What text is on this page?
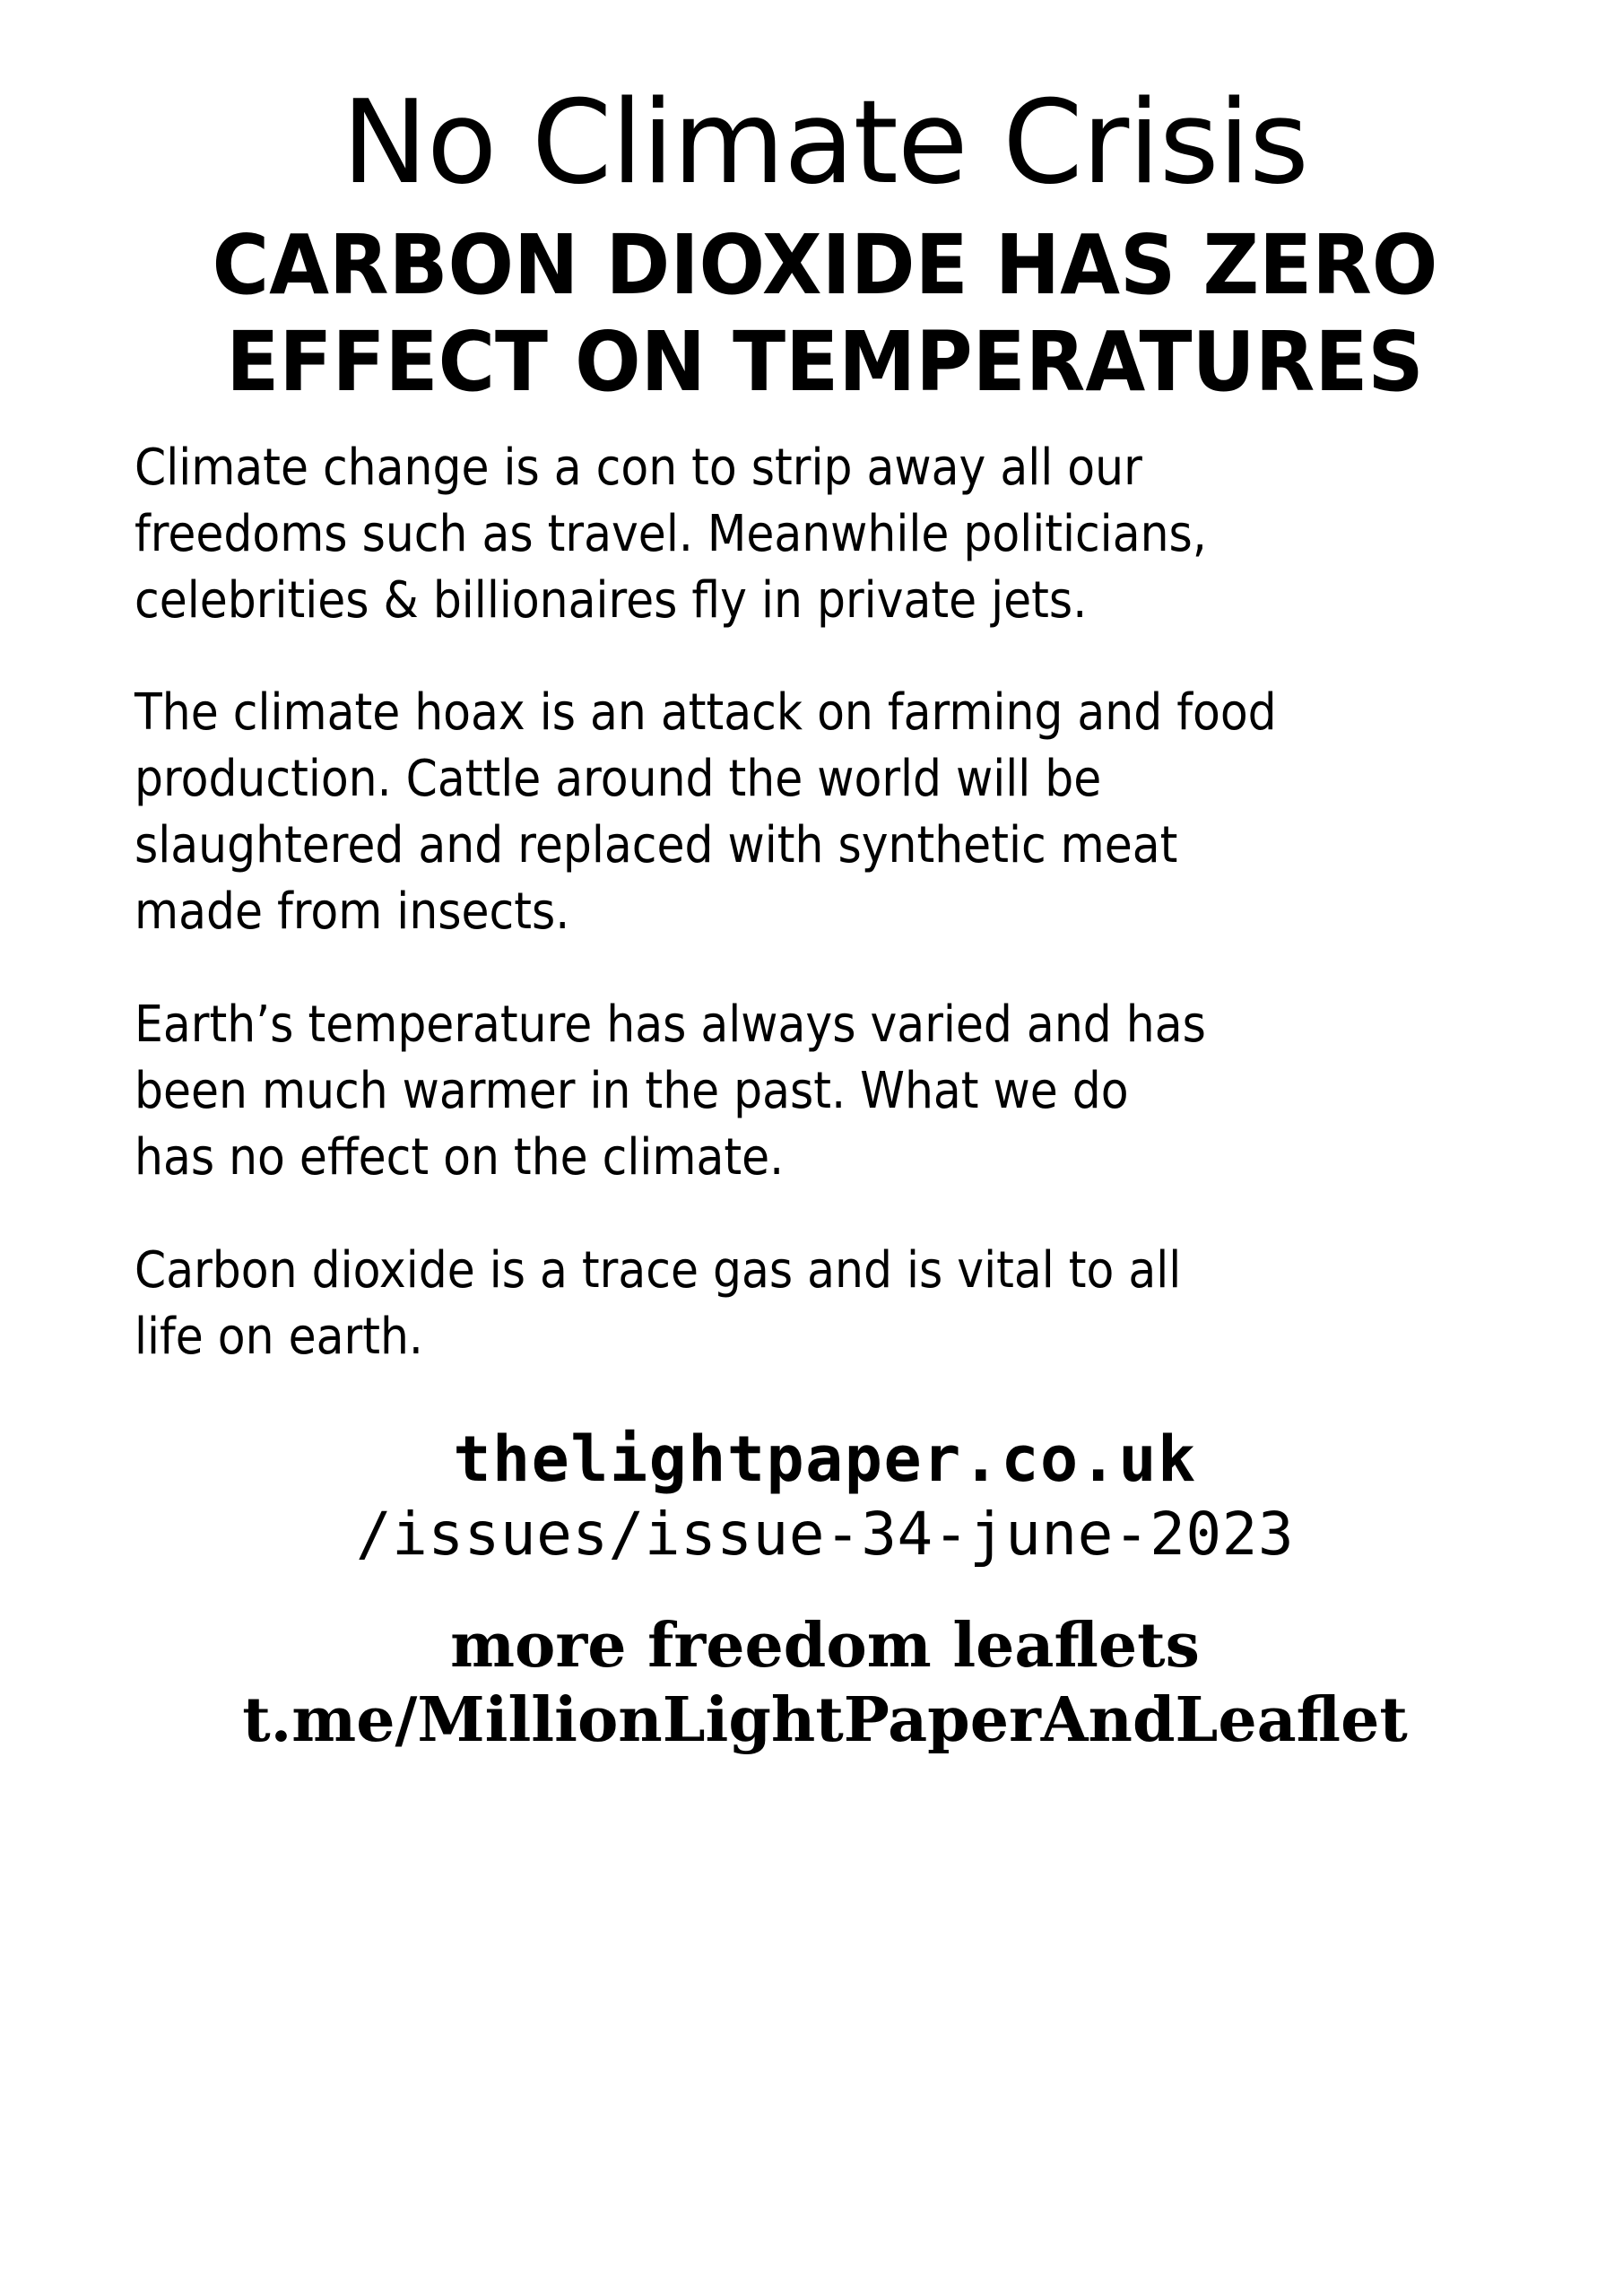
No Climate Crisis
CARBON DIOXIDE HAS ZERO
EFFECT ON TEMPERATURES

Climate change is a con to strip away all our
freedoms such as travel. Meanwhile politicians,
celebrities & billionaires fly in private jets.

The climate hoax is an attack on farming and food
production. Cattle around the world will be
slaughtered and replaced with synthetic meat
made from insects.

Earth’s temperature has always varied and has
been much warmer in the past. What we do
has no effect on the climate.

Carbon dioxide is a trace gas and is vital to all
life on earth.

thelightpaper.co.uk
/issues/issue-34-june-2023
more freedom leaflets
t.me/MillionLightPaperAndLeaflet
